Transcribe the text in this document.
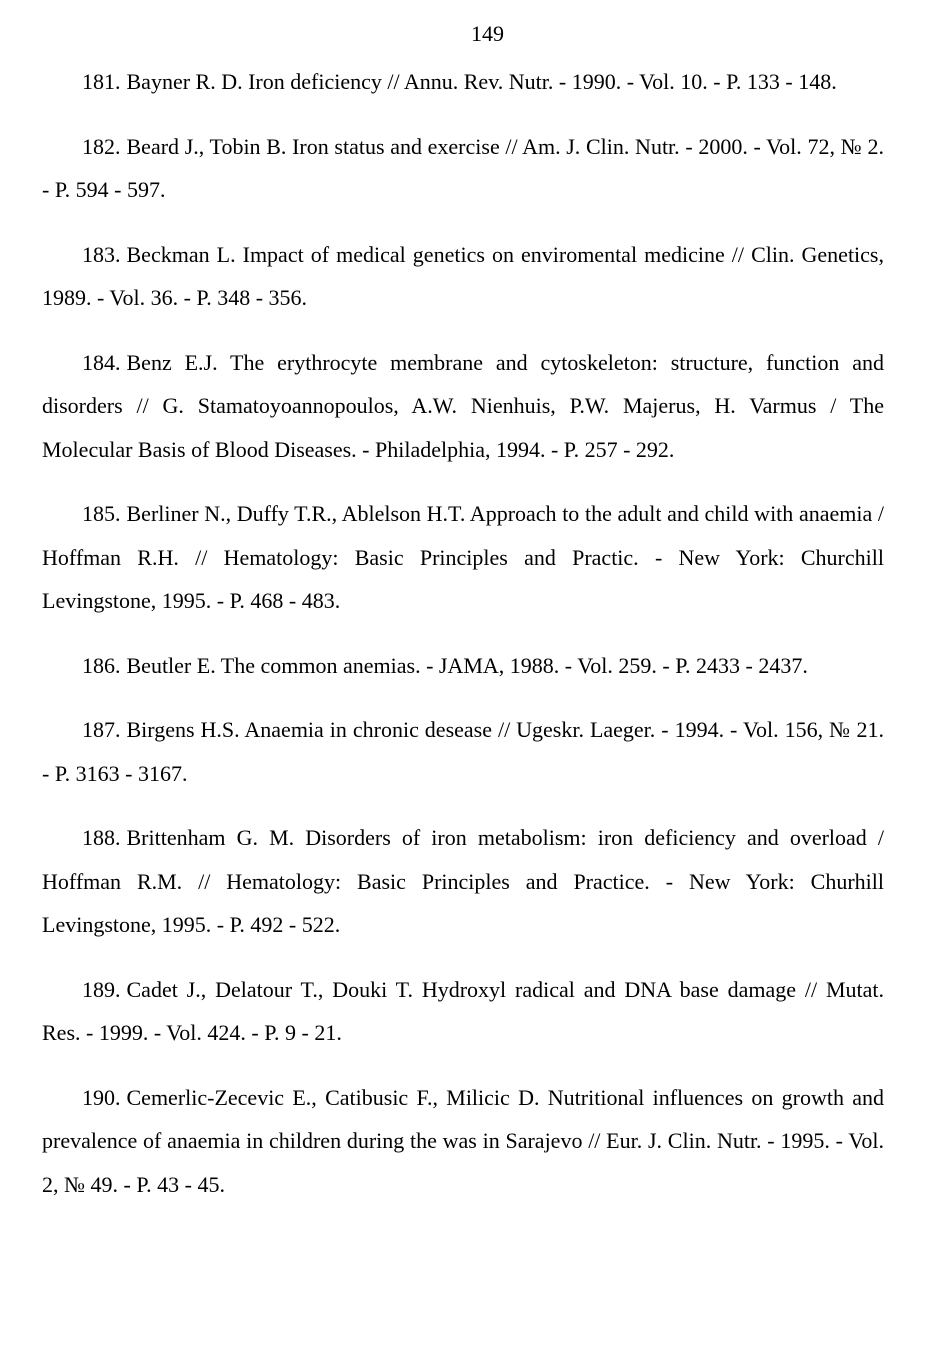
149
181. Bayner R. D. Iron deficiency // Annu. Rev. Nutr. - 1990. - Vol. 10. - P. 133 - 148.
182. Beard J., Tobin B. Iron status and exercise // Am. J. Clin. Nutr. - 2000. - Vol. 72, № 2. - P. 594 - 597.
183. Beckman L. Impact of medical genetics on enviromental medicine // Clin. Genetics, 1989. - Vol. 36. - P. 348 - 356.
184. Benz E.J. The erythrocyte membrane and cytoskeleton: structure, function and disorders // G. Stamatoyoannopoulos, A.W. Nienhuis, P.W. Majerus, H. Varmus / The Molecular Basis of Blood Diseases. - Philadelphia, 1994. - P. 257 - 292.
185. Berliner N., Duffy T.R., Ablelson H.T. Approach to the adult and child with anaemia / Hoffman R.H. // Hematology: Basic Principles and Practic. - New York: Churchill Levingstone, 1995. - P. 468 - 483.
186. Beutler E. The common anemias. - JAMA, 1988. - Vol. 259. - P. 2433 - 2437.
187. Birgens H.S. Anaemia in chronic desease // Ugeskr. Laeger. - 1994. - Vol. 156, № 21. - P. 3163 - 3167.
188. Brittenham G. M. Disorders of iron metabolism: iron deficiency and overload / Hoffman R.M. // Hematology: Basic Principles and Practice. - New York: Churhill Levingstone, 1995. - P. 492 - 522.
189. Cadet J., Delatour T., Douki T. Hydroxyl radical and DNA base damage // Mutat. Res. - 1999. - Vol. 424. - P. 9 - 21.
190. Cemerlic-Zecevic E., Catibusic F., Milicic D. Nutritional influences on growth and prevalence of anaemia in children during the was in Sarajevo // Eur. J. Clin. Nutr. - 1995. - Vol. 2, № 49. - P. 43 - 45.
